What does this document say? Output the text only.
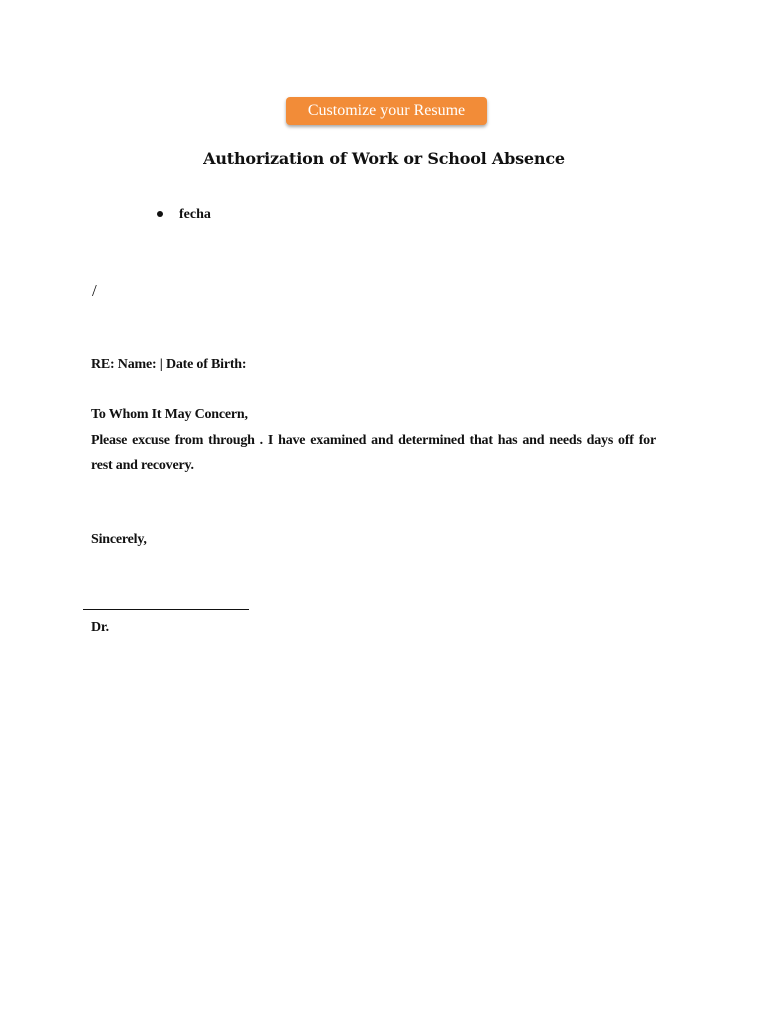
Customize your Resume
Authorization of Work or School Absence
fecha
/
RE: Name: | Date of Birth:
To Whom It May Concern,
Please excuse from through . I have examined and determined that has and needs days off for
rest and recovery.
Sincerely,
Dr.
